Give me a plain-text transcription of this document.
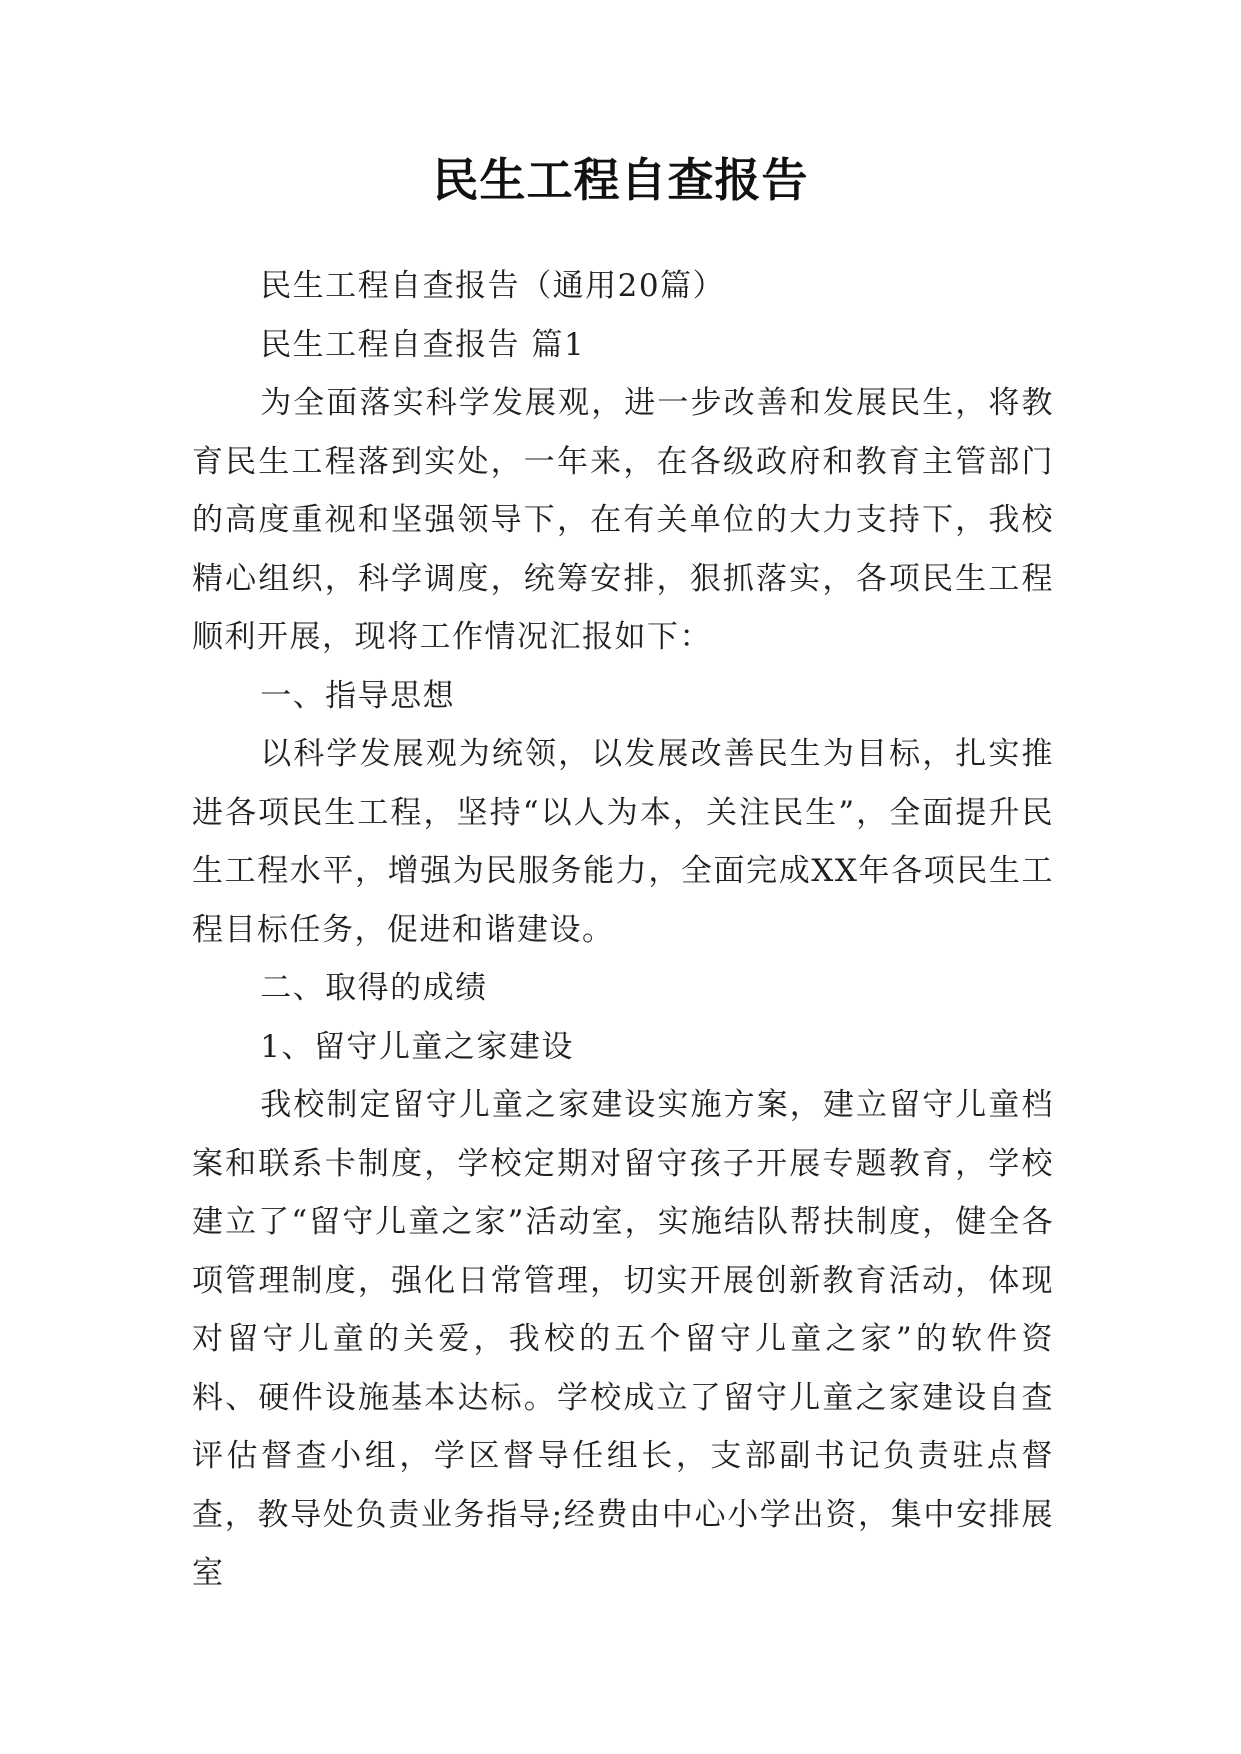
民生工程自查报告

民生工程自查报告（通用20篇）

民生工程自查报告 篇1

为全面落实科学发展观，进一步改善和发展民生，将教育民生工程落到实处，一年来，在各级政府和教育主管部门的高度重视和坚强领导下，在有关单位的大力支持下，我校精心组织，科学调度，统筹安排，狠抓落实，各项民生工程顺利开展，现将工作情况汇报如下：

一、指导思想

以科学发展观为统领，以发展改善民生为目标，扎实推进各项民生工程，坚持“以人为本，关注民生”，全面提升民生工程水平，增强为民服务能力，全面完成XX年各项民生工程目标任务，促进和谐建设。

二、取得的成绩

1、留守儿童之家建设

我校制定留守儿童之家建设实施方案，建立留守儿童档案和联系卡制度，学校定期对留守孩子开展专题教育，学校建立了“留守儿童之家”活动室，实施结队帮扶制度，健全各项管理制度，强化日常管理，切实开展创新教育活动，体现对留守儿童的关爱，我校的五个留守儿童之家”的软件资料、硬件设施基本达标。学校成立了留守儿童之家建设自查评估督查小组，学区督导任组长，支部副书记负责驻点督查，教导处负责业务指导;经费由中心小学出资，集中安排展室
